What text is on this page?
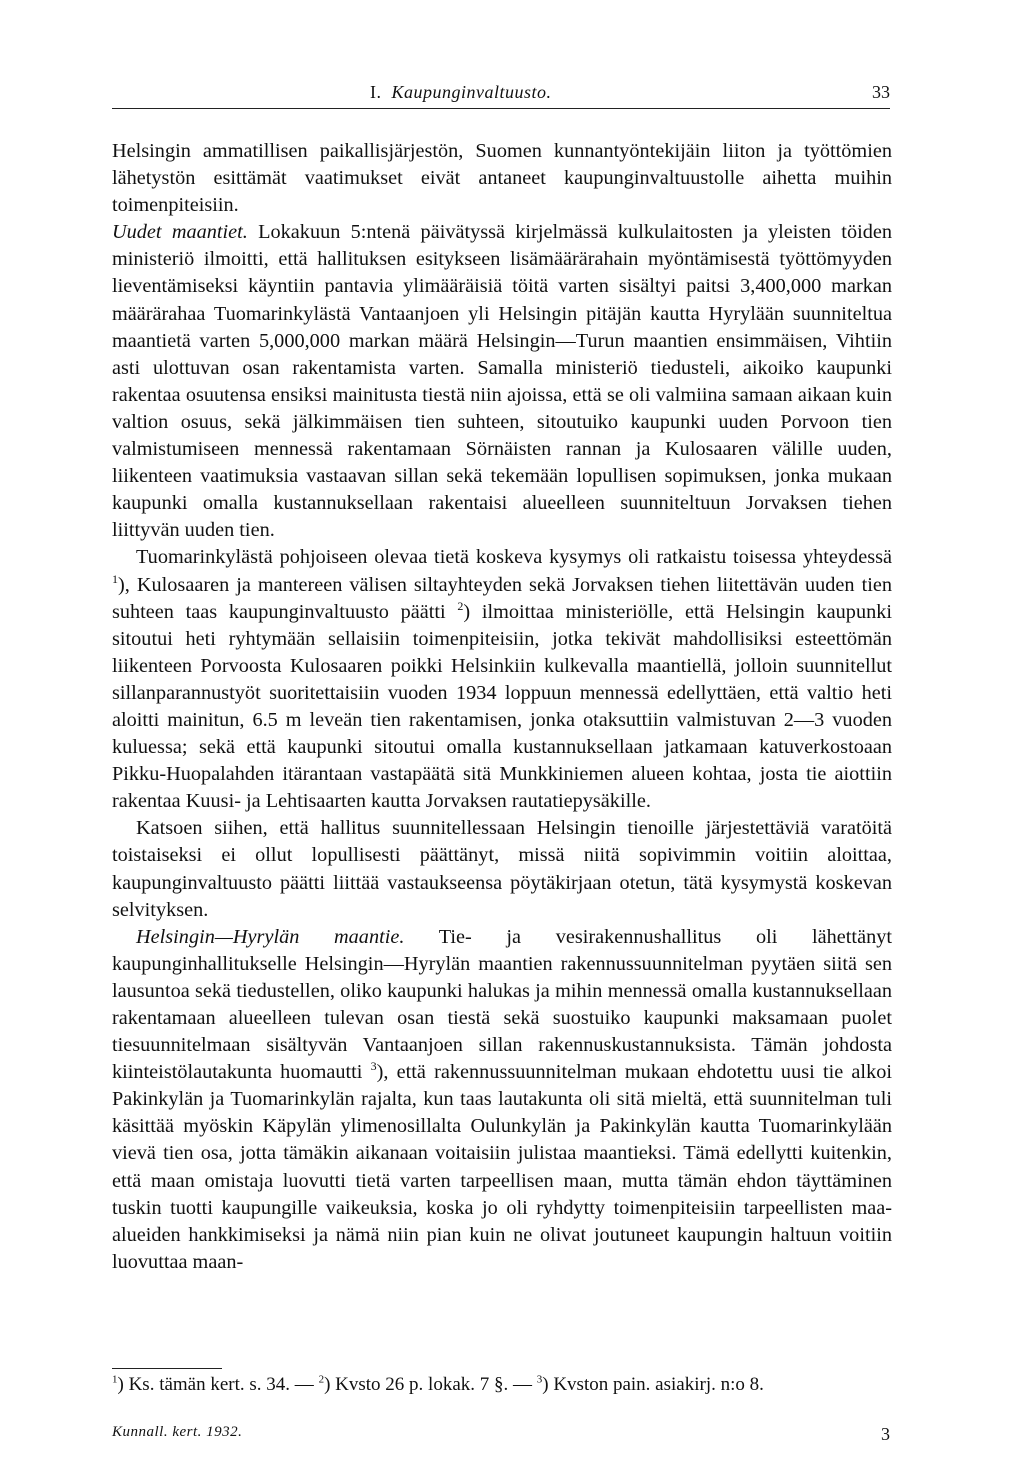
I. Kaupunginvaltuusto.	33

Helsingin ammatillisen paikallisjärjestön, Suomen kunnantyöntekijäin liiton ja työttömien lähetystön esittämät vaatimukset eivät antaneet kaupunginvaltuustolle aihetta muihin toimenpiteisiin.

Uudet maantiet. Lokakuun 5:ntenä päivätyssä kirjelmässä kulkulaitosten ja yleisten töiden ministeriö ilmoitti, että hallituksen esitykseen lisämäärärahain myöntämisestä työttömyyden lieventämiseksi käyntiin pantavia ylimääräisiä töitä varten sisältyi paitsi 3,400,000 markan määrärahaa Tuomarinkylästä Vantaanjoen yli Helsingin pitäjän kautta Hyrylään suunniteltua maantietä varten 5,000,000 markan määrä Helsingin—Turun maantien ensimmäisen, Vihtiin asti ulottuvan osan rakentamista varten. Samalla ministeriö tiedusteli, aikoiko kaupunki rakentaa osuutensa ensiksi mainitusta tiestä niin ajoissa, että se oli valmiina samaan aikaan kuin valtion osuus, sekä jälkimmäisen tien suhteen, sitoutuiko kaupunki uuden Porvoon tien valmistumiseen mennessä rakentamaan Sörnäisten rannan ja Kulosaaren välille uuden, liikenteen vaatimuksia vastaavan sillan sekä tekemään lopullisen sopimuksen, jonka mukaan kaupunki omalla kustannuksellaan rakentaisi alueelleen suunniteltuun Jorvaksen tiehen liittyvän uuden tien.

Tuomarinkylästä pohjoiseen olevaa tietä koskeva kysymys oli ratkaistu toisessa yhteydessä $^1$), Kulosaaren ja mantereen välisen siltayhteyden sekä Jorvaksen tiehen liitettävän uuden tien suhteen taas kaupunginvaltuusto päätti $^2$) ilmoittaa ministeriölle, että Helsingin kaupunki sitoutui heti ryhtymään sellaisiin toimenpiteisiin, jotka tekivät mahdollisiksi esteettömän liikenteen Porvoosta Kulosaaren poikki Helsinkiin kulkevalla maantiellä, jolloin suunnitellut sillanparannustyöt suoritettaisiin vuoden 1934 loppuun mennessä edellyttäen, että valtio heti aloitti mainitun, 6.5 m leveän tien rakentamisen, jonka otaksuttiin valmistuvan 2—3 vuoden kuluessa; sekä että kaupunki sitoutui omalla kustannuksellaan jatkamaan katuverkostoaan Pikku-Huopalahden itärantaan vastapäätä sitä Munkkiniemen alueen kohtaa, josta tie aiottiin rakentaa Kuusi- ja Lehtisaarten kautta Jorvaksen rautatiepysäkille.

Katsoen siihen, että hallitus suunnitellessaan Helsingin tienoille järjestettäviä varatöitä toistaiseksi ei ollut lopullisesti päättänyt, missä niitä sopivimmin voitiin aloittaa, kaupunginvaltuusto päätti liittää vastaukseensa pöytäkirjaan otetun, tätä kysymystä koskevan selvityksen.

Helsingin—Hyrylän maantie. Tie- ja vesirakennushallitus oli lähettänyt kaupunginhallitukselle Helsingin—Hyrylän maantien rakennussuunnitelman pyytäen siitä sen lausuntoa sekä tiedustellen, oliko kaupunki halukas ja mihin mennessä omalla kustannuksellaan rakentamaan alueelleen tulevan osan tiestä sekä suostuiko kaupunki maksamaan puolet tiesuunnitelmaan sisältyvän Vantaanjoen sillan rakennuskustannuksista. Tämän johdosta kiinteistölautakunta huomautti $^3$), että rakennussuunnitelman mukaan ehdotettu uusi tie alkoi Pakinkylän ja Tuomarinkylän rajalta, kun taas lautakunta oli sitä mieltä, että suunnitelman tuli käsittää myöskin Käpylän ylimenosillalta Oulunkylän ja Pakinkylän kautta Tuomarinkylään vievä tien osa, jotta tämäkin aikanaan voitaisiin julistaa maantieksi. Tämä edellytti kuitenkin, että maan omistaja luovutti tietä varten tarpeellisen maan, mutta tämän ehdon täyttäminen tuskin tuotti kaupungille vaikeuksia, koska jo oli ryhdytty toimenpiteisiin tarpeellisten maa-alueiden hankkimiseksi ja nämä niin pian kuin ne olivat joutuneet kaupungin haltuun voitiin luovuttaa maan-

$^1$) Ks. tämän kert. s. 34. — $^2$) Kvsto 26 p. lokak. 7 §. — $^3$) Kvston pain. asiakirj. n:o 8.
Kunnall. kert. 1932.	3
